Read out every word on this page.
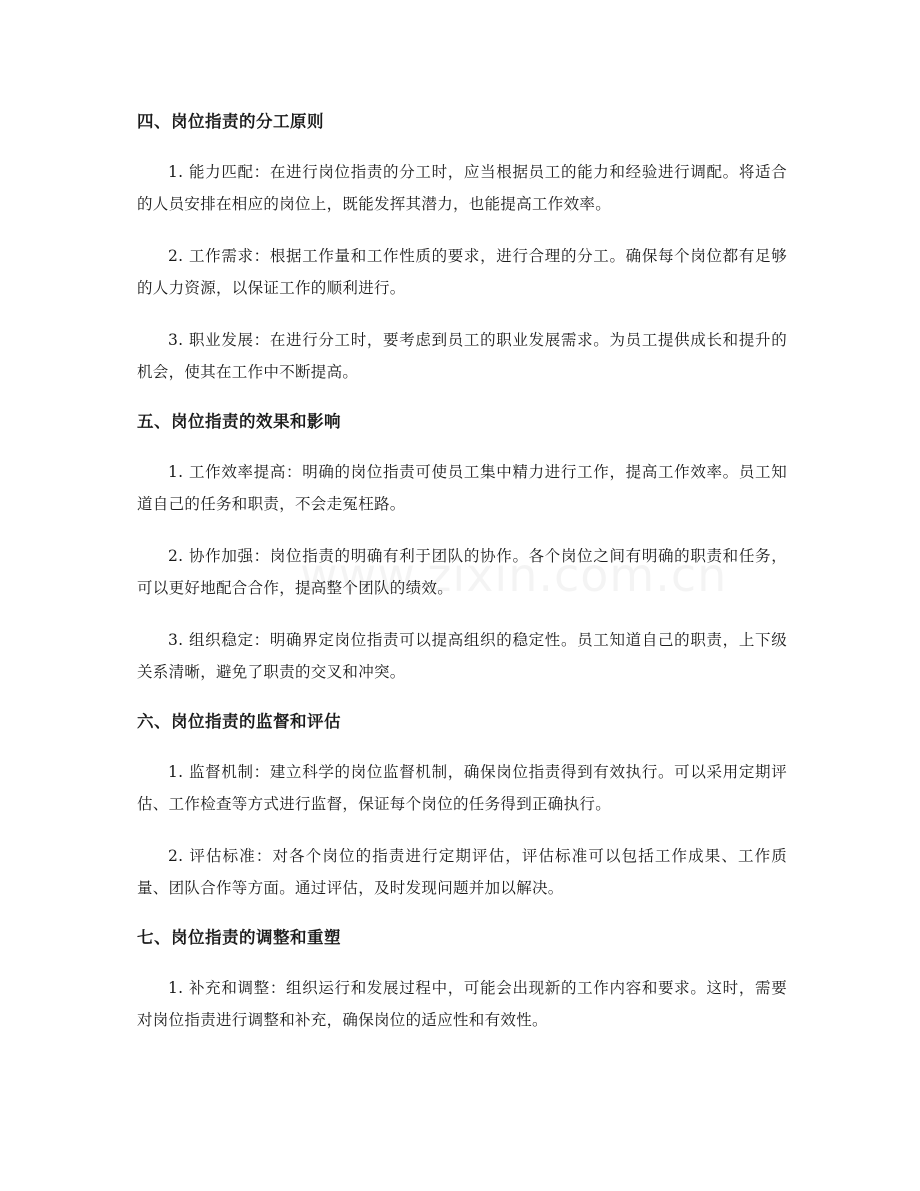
四、岗位指责的分工原则

1. 能力匹配：在进行岗位指责的分工时，应当根据员工的能力和经验进行调配。将适合的人员安排在相应的岗位上，既能发挥其潜力，也能提高工作效率。

2. 工作需求：根据工作量和工作性质的要求，进行合理的分工。确保每个岗位都有足够的人力资源，以保证工作的顺利进行。

3. 职业发展：在进行分工时，要考虑到员工的职业发展需求。为员工提供成长和提升的机会，使其在工作中不断提高。

五、岗位指责的效果和影响

1. 工作效率提高：明确的岗位指责可使员工集中精力进行工作，提高工作效率。员工知道自己的任务和职责，不会走冤枉路。

2. 协作加强：岗位指责的明确有利于团队的协作。各个岗位之间有明确的职责和任务，可以更好地配合合作，提高整个团队的绩效。

3. 组织稳定：明确界定岗位指责可以提高组织的稳定性。员工知道自己的职责，上下级关系清晰，避免了职责的交叉和冲突。

六、岗位指责的监督和评估

1. 监督机制：建立科学的岗位监督机制，确保岗位指责得到有效执行。可以采用定期评估、工作检查等方式进行监督，保证每个岗位的任务得到正确执行。

2. 评估标准：对各个岗位的指责进行定期评估，评估标准可以包括工作成果、工作质量、团队合作等方面。通过评估，及时发现问题并加以解决。

七、岗位指责的调整和重塑

1. 补充和调整：组织运行和发展过程中，可能会出现新的工作内容和要求。这时，需要对岗位指责进行调整和补充，确保岗位的适应性和有效性。
